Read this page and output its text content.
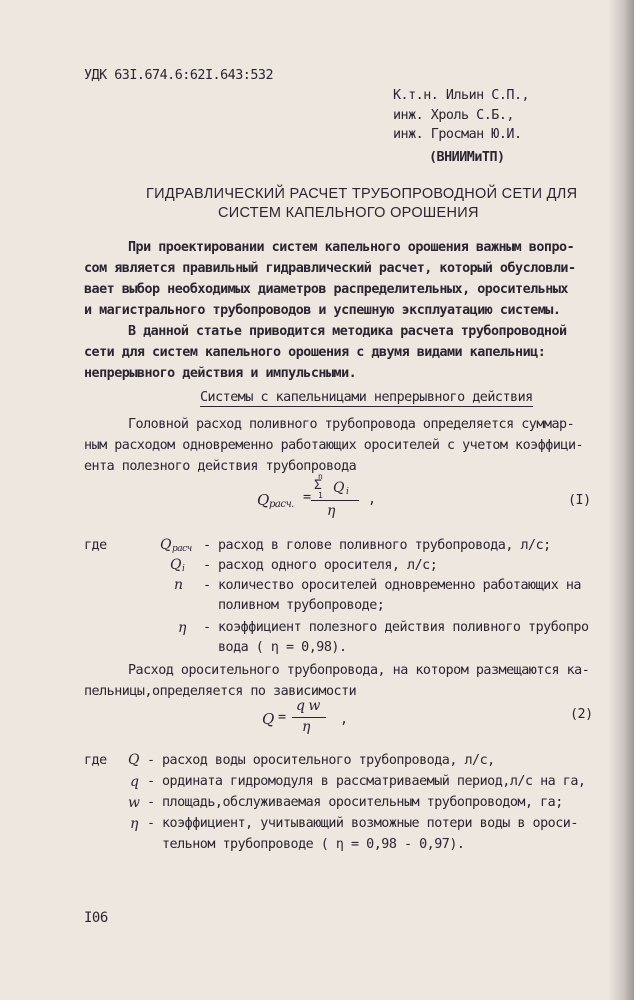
УДК 63I.674.6:62I.643:532
К.т.н. Ильин С.П.,
инж. Хроль С.Б.,
инж. Гросман Ю.И.
(ВНИИМиТП)
ГИДРАВЛИЧЕСКИЙ РАСЧЕТ ТРУБОПРОВОДНОЙ СЕТИ ДЛЯ
СИСТЕМ КАПЕЛЬНОГО ОРОШЕНИЯ
При проектировании систем капельного орошения важным вопро-
сом является правильный гидравлический расчет, который обусловли-
вает выбор необходимых диаметров распределительных, оросительных
и магистрального трубопроводов и успешную эксплуатацию системы.
В данной статье приводится методика расчета трубопроводной
сети для систем капельного орошения с двумя видами капельниц:
непрерывного действия и импульсными.
Системы с капельницами непрерывного действия
Головной расход поливного трубопровода определяется суммар-
ным расходом одновременно работающих оросителей с учетом коэффици-
ента полезного действия трубопровода
Q расч. =
n
Σ
1 Q i
η
,	(I)
где	Q расч - расход в голове поливного трубопровода, л/с;
Q i - расход одного оросителя, л/с;
n - количество оросителей одновременно работающих на
поливном трубопроводе;
η - коэффициент полезного действия поливного трубопро
вода ( η = 0,98).
Расход оросительного трубопровода, на котором размещаются ка-
пельницы,определяется по зависимости
Q =
q w
η ,	(2)
где Q - расход воды оросительного трубопровода, л/с,
q - ордината гидромодуля в рассматриваемый период,л/с на га,
w - площадь,обслуживаемая оросительным трубопроводом, га;
η - коэффициент, учитывающий возможные потери воды в ороси-
тельном трубопроводе ( η = 0,98 - 0,97).
I06
